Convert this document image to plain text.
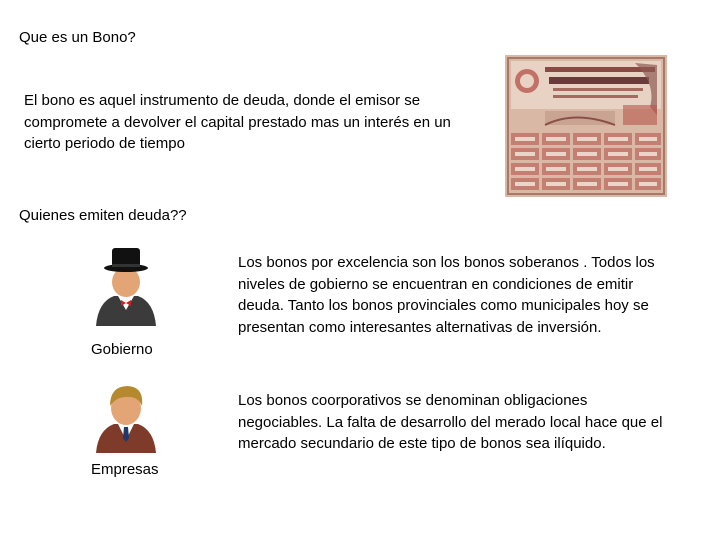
Que es un Bono?
El bono es aquel instrumento de deuda, donde el emisor se compromete a devolver el capital prestado mas un interés en un cierto periodo de tiempo
Quienes emiten deuda??
Gobierno
Los bonos por excelencia son los bonos soberanos . Todos los niveles de gobierno se encuentran en condiciones de emitir deuda. Tanto los bonos provinciales como municipales hoy se presentan como interesantes alternativas de inversión.
Empresas
Los bonos coorporativos se denominan obligaciones negociables. La falta de desarrollo del merado local hace que el mercado secundario de este tipo de bonos sea ilíquido.
